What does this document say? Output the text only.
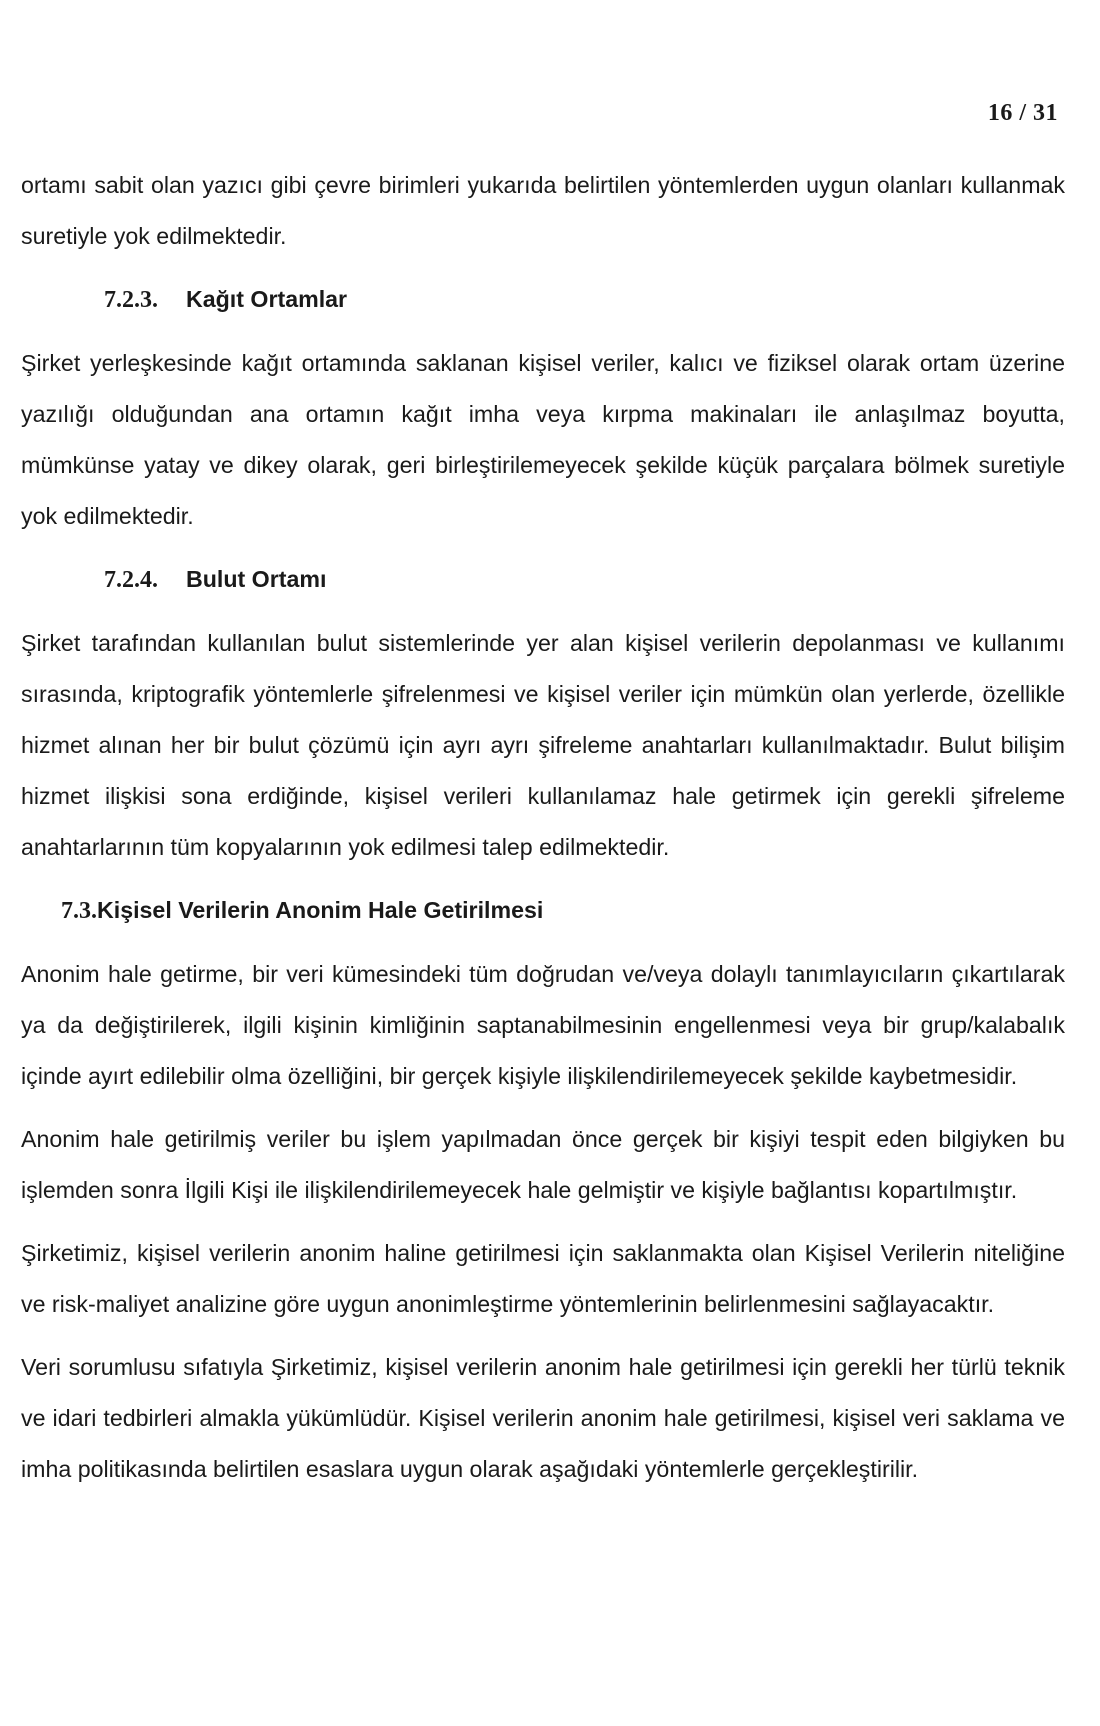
16 / 31

ortamı sabit olan yazıcı gibi çevre birimleri yukarıda belirtilen yöntemlerden uygun olanları kullanmak suretiyle yok edilmektedir.

7.2.3. Kağıt Ortamlar

Şirket yerleşkesinde kağıt ortamında saklanan kişisel veriler, kalıcı ve fiziksel olarak ortam üzerine yazılığı olduğundan ana ortamın kağıt imha veya kırpma makinaları ile anlaşılmaz boyutta, mümkünse yatay ve dikey olarak, geri birleştirilemeyecek şekilde küçük parçalara bölmek suretiyle yok edilmektedir.

7.2.4. Bulut Ortamı

Şirket tarafından kullanılan bulut sistemlerinde yer alan kişisel verilerin depolanması ve kullanımı sırasında, kriptografik yöntemlerle şifrelenmesi ve kişisel veriler için mümkün olan yerlerde, özellikle hizmet alınan her bir bulut çözümü için ayrı ayrı şifreleme anahtarları kullanılmaktadır. Bulut bilişim hizmet ilişkisi sona erdiğinde, kişisel verileri kullanılamaz hale getirmek için gerekli şifreleme anahtarlarının tüm kopyalarının yok edilmesi talep edilmektedir.

7.3.Kişisel Verilerin Anonim Hale Getirilmesi

Anonim hale getirme, bir veri kümesindeki tüm doğrudan ve/veya dolaylı tanımlayıcıların çıkartılarak ya da değiştirilerek, ilgili kişinin kimliğinin saptanabilmesinin engellenmesi veya bir grup/kalabalık içinde ayırt edilebilir olma özelliğini, bir gerçek kişiyle ilişkilendirilemeyecek şekilde kaybetmesidir.

Anonim hale getirilmiş veriler bu işlem yapılmadan önce gerçek bir kişiyi tespit eden bilgiyken bu işlemden sonra İlgili Kişi ile ilişkilendirilemeyecek hale gelmiştir ve kişiyle bağlantısı kopartılmıştır.

Şirketimiz, kişisel verilerin anonim haline getirilmesi için saklanmakta olan Kişisel Verilerin niteliğine ve risk-maliyet analizine göre uygun anonimleştirme yöntemlerinin belirlenmesini sağlayacaktır.

Veri sorumlusu sıfatıyla Şirketimiz, kişisel verilerin anonim hale getirilmesi için gerekli her türlü teknik ve idari tedbirleri almakla yükümlüdür. Kişisel verilerin anonim hale getirilmesi, kişisel veri saklama ve imha politikasında belirtilen esaslara uygun olarak aşağıdaki yöntemlerle gerçekleştirilir.
